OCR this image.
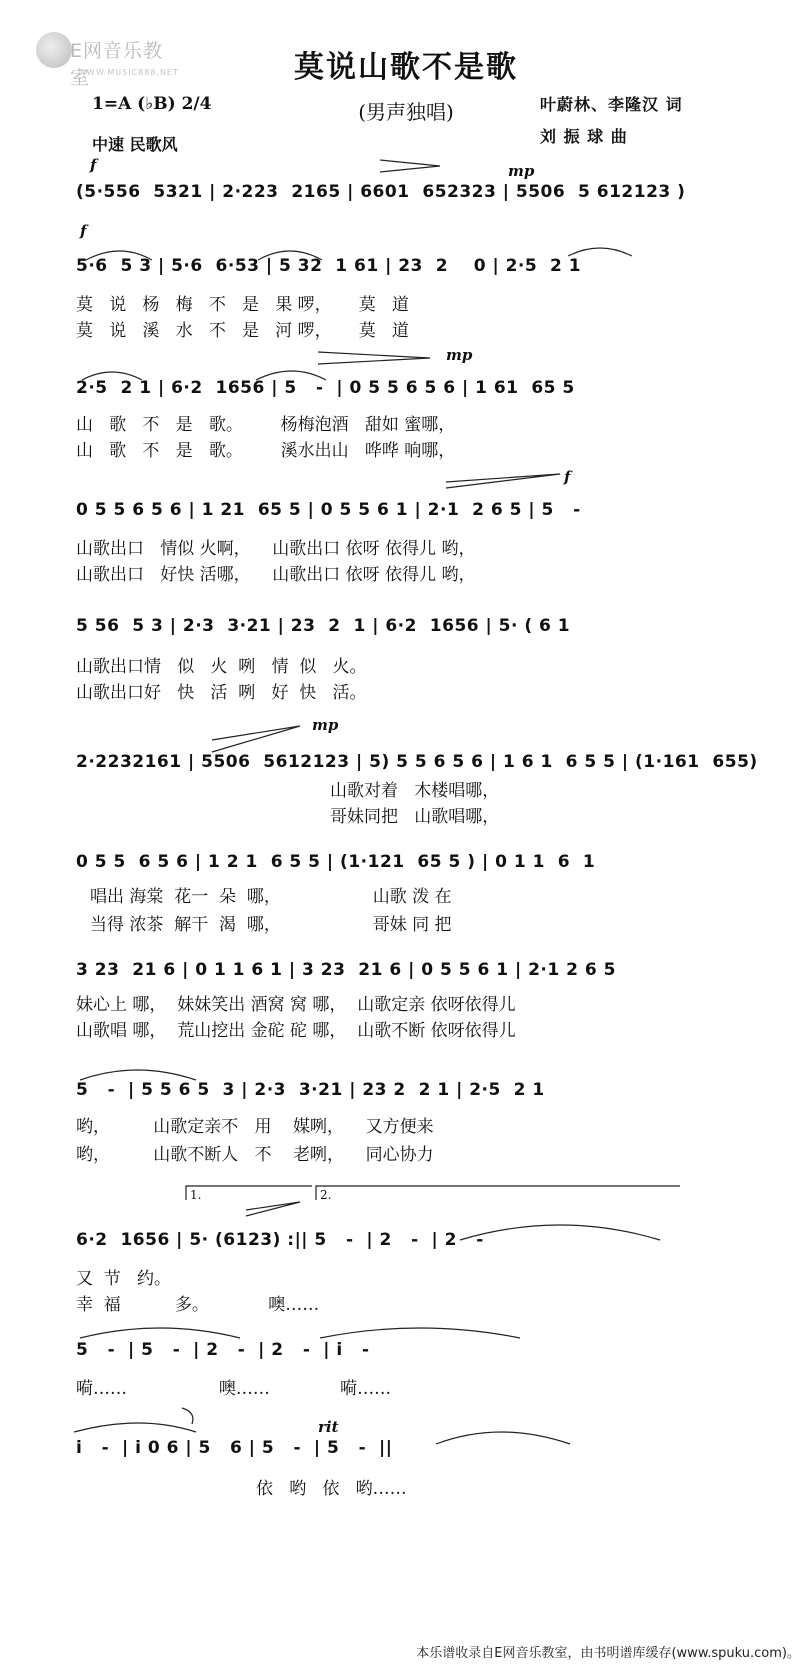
E网音乐教室
WWW.MUSIC888.NET	莫说山歌不是歌
(男声独唱)
1=A (♭B) 2/4
中速 民歌风
叶蔚林、李隆汉 词
刘 振 球 曲
f	mp
f
mp
f
mp
rit
1.	2.
(5·556  5321 | 2·223  2165 | 6601  652323 | 5506  5 612123 )
5·6  5 3 | 5·6  6·53 | 5 32  1 61 | 23  2    0 | 2·5  2 1
莫   说   杨   梅   不   是   果 啰，     莫   道
莫   说   溪   水   不   是   河 啰，     莫   道
2·5  2 1 | 6·2  1656 | 5   -  | 0 5 5 6 5 6 | 1 61  65 5
山   歌   不   是   歌。       杨梅泡酒   甜如 蜜哪，
山   歌   不   是   歌。       溪水出山   哗哗 响哪，
0 5 5 6 5 6 | 1 21  65 5 | 0 5 5 6 1 | 2·1  2 6 5 | 5   -
山歌出口   情似 火啊，    山歌出口 依呀 依得儿 哟，
山歌出口   好快 活哪，    山歌出口 依呀 依得儿 哟，
5 56  5 3 | 2·3  3·21 | 23  2  1 | 6·2  1656 | 5· ( 6 1
山歌出口情   似   火  咧   情  似   火。
山歌出口好   快   活  咧   好  快   活。
2·2232161 | 5506  5612123 | 5) 5 5 6 5 6 | 1 6 1  6 5 5 | (1·161  655)
山歌对着   木楼唱哪，
哥妹同把   山歌唱哪，
0 5 5  6 5 6 | 1 2 1  6 5 5 | (1·121  65 5 ) | 0 1 1  6  1
唱出 海棠  花一  朵  哪，                 山歌 泼 在
当得 浓茶  解干  渴  哪，                 哥妹 同 把
3 23  21 6 | 0 1 1 6 1 | 3 23  21 6 | 0 5 5 6 1 | 2·1 2 6 5
妹心上 哪，  妹妹笑出 酒窝 窝 哪，  山歌定亲 依呀依得儿
山歌唱 哪，  荒山挖出 金砣 砣 哪，  山歌不断 依呀依得儿
5   -  | 5 5 6 5  3 | 2·3  3·21 | 23 2  2 1 | 2·5  2 1
哟，        山歌定亲不   用    媒咧，    又方便来
哟，        山歌不断人   不    老咧，    同心协力
6·2  1656 | 5· (6123) :|| 5   -  | 2   -  | 2   -
又  节   约。
幸  福          多。           噢……
5   -  | 5   -  | 2   -  | 2   -  | i   -
嗬……                 噢……             嗬……
i   -  | i 0 6 | 5   6 | 5   -  | 5   -  ||
依   哟   依   哟……
本乐谱收录自E网音乐教室，由书明谱库缓存(www.spuku.com)。
